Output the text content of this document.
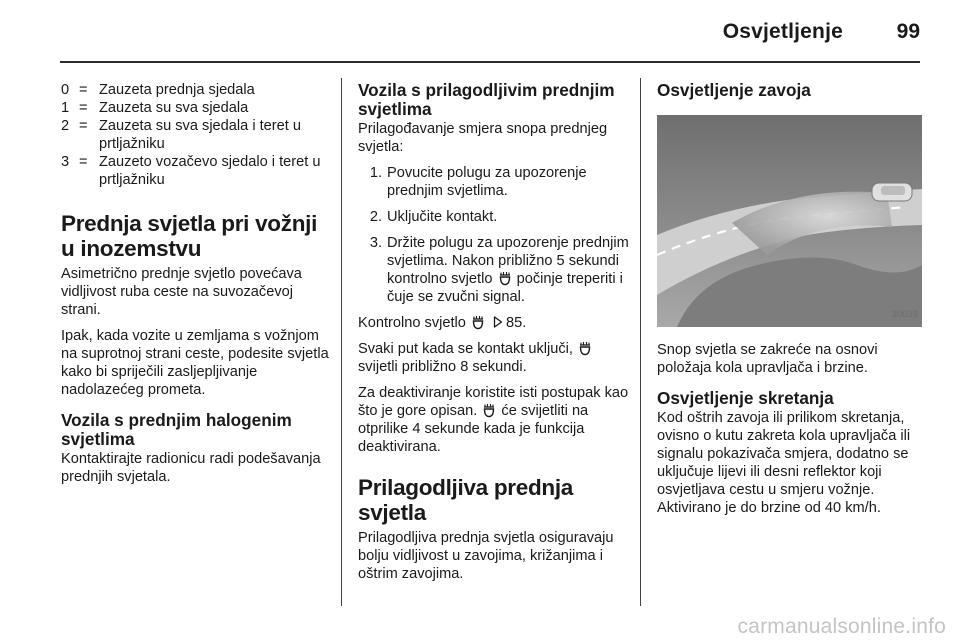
Osvjetljenje	99
0 = Zauzeta prednja sjedala
1 = Zauzeta su sva sjedala
2 = Zauzeta su sva sjedala i teret u prtljažniku
3 = Zauzeto vozačevo sjedalo i teret u prtljažniku
Prednja svjetla pri vožnji u inozemstvu

Asimetrično prednje svjetlo povećava vidljivost ruba ceste na suvozačevoj strani.

Ipak, kada vozite u zemljama s vožnjom na suprotnoj strani ceste, podesite svjetla kako bi spriječili zasljepljivanje nadolazećeg prometa.

Vozila s prednjim halogenim svjetlima

Kontaktirajte radionicu radi podešavanja prednjih svjetala.

Vozila s prilagodljivim prednjim svjetlima

Prilagođavanje smjera snopa prednjeg svjetla:

1. Povucite polugu za upozorenje prednjim svjetlima.
2. Uključite kontakt.
3. Držite polugu za upozorenje prednjim svjetlima. Nakon približno 5 sekundi kontrolno svjetlo počinje treperiti i čuje se zvučni signal.

Kontrolno svjetlo	85.

Svaki put kada se kontakt uključi,  svijetli približno 8 sekundi.

Za deaktiviranje koristite isti postupak kao što je gore opisan. će svijetliti na otprilike 4 sekunde kada je funkcija deaktivirana.

Prilagodljiva prednja svjetla

Prilagodljiva prednja svjetla osiguravaju bolju vidljivost u zavojima, križanjima i oštrim zavojima.

Osvjetljenje zavoja
30039

Snop svjetla se zakreće na osnovi položaja kola upravljača i brzine.

Osvjetljenje skretanja

Kod oštrih zavoja ili prilikom skretanja, ovisno o kutu zakreta kola upravljača ili signalu pokazivača smjera, dodatno se uključuje lijevi ili desni reflektor koji osvjetljava cestu u smjeru vožnje. Aktivirano je do brzine od 40 km/h.

carmanualsonline.info
